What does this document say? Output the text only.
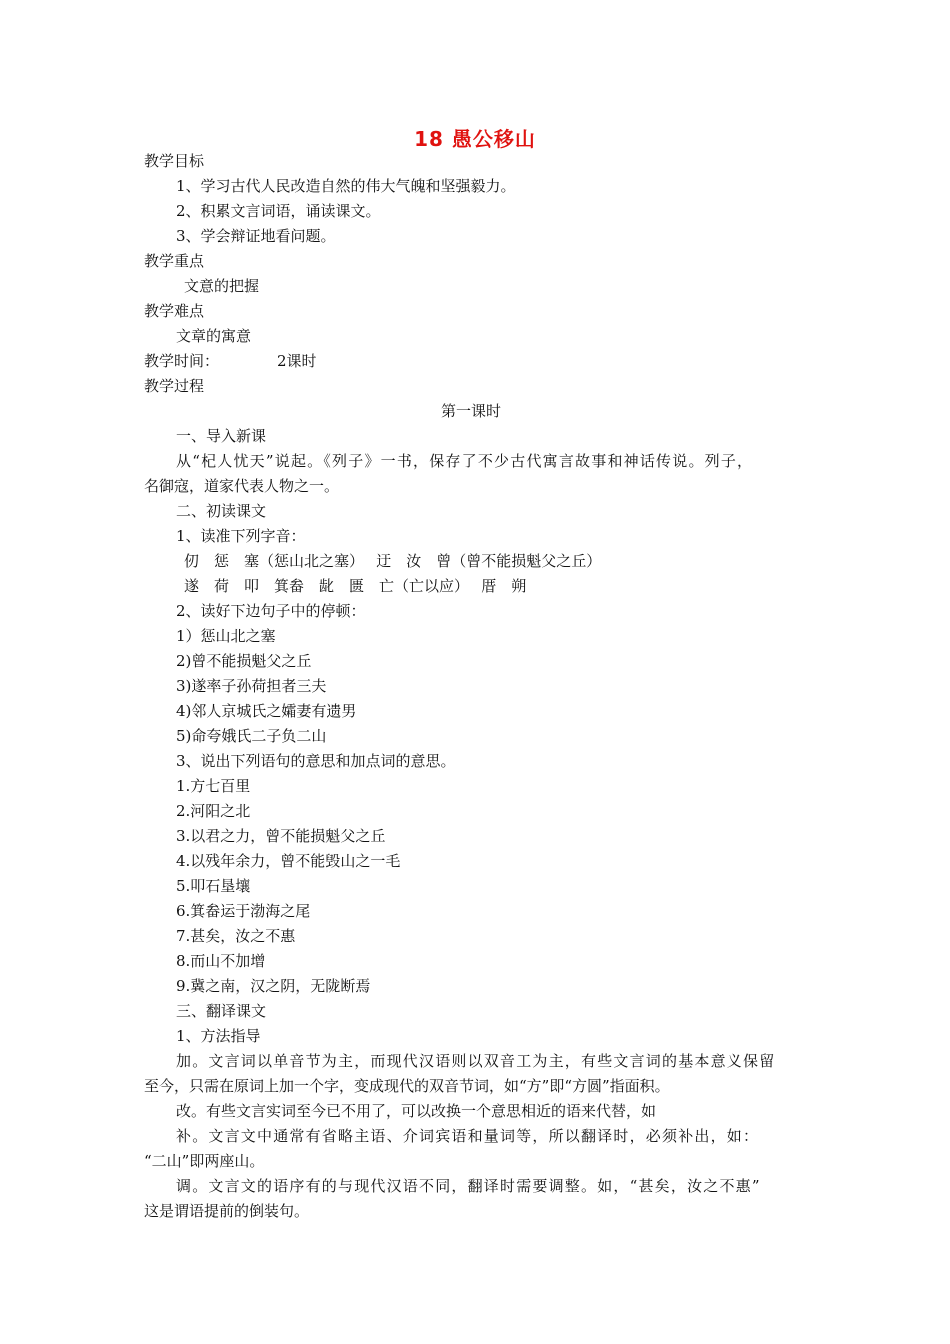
18 愚公移山
教学目标
1、学习古代人民改造自然的伟大气魄和坚强毅力。
2、积累文言词语，诵读课文。
3、学会辩证地看问题。
教学重点
文意的把握
教学难点
文章的寓意
教学时间：	2课时
教学过程
第一课时
一、导入新课
从“杞人忧天”说起。《列子》一书，保存了不少古代寓言故事和神话传说。列子，
名御寇，道家代表人物之一。
二、初读课文
1、读准下列字音：
仞　惩　塞（惩山北之塞）　 迂　汝　曾（曾不能损魁父之丘）
遂　荷　叩　箕畚　龀　匮　亡（亡以应）　 厝　朔
2、读好下边句子中的停顿：
1）惩山北之塞
2)曾不能损魁父之丘
3)遂率子孙荷担者三夫
4)邻人京城氏之孀妻有遗男
5)命夸娥氏二子负二山
3、说出下列语句的意思和加点词的意思。
1.方七百里
2.河阳之北
3.以君之力，曾不能损魁父之丘
4.以残年余力，曾不能毁山之一毛
5.叩石垦壤
6.箕畚运于渤海之尾
7.甚矣，汝之不惠
8.而山不加增
9.冀之南，汉之阴，无陇断焉
三、翻译课文
1、方法指导
加。文言词以单音节为主，而现代汉语则以双音工为主，有些文言词的基本意义保留
至今，只需在原词上加一个字，变成现代的双音节词，如“方”即“方圆”指面积。
改。有些文言实词至今已不用了，可以改换一个意思相近的语来代替，如
补。文言文中通常有省略主语、介词宾语和量词等，所以翻译时，必须补出，如：
“二山”即两座山。
调。文言文的语序有的与现代汉语不同，翻译时需要调整。如，“甚矣，汝之不惠”
这是谓语提前的倒装句。
